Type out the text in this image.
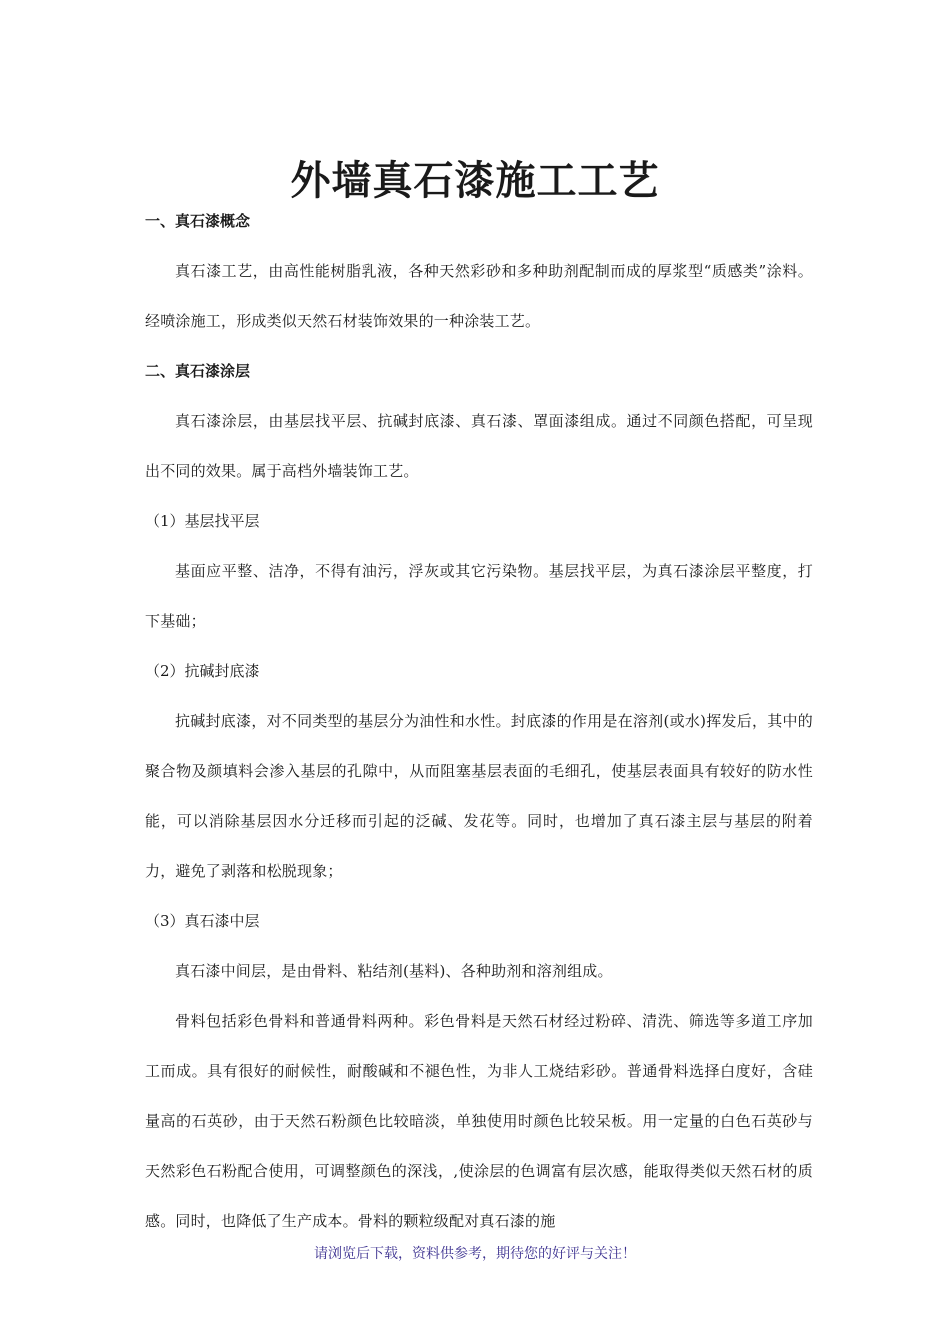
外墙真石漆施工工艺

一、真石漆概念

真石漆工艺，由高性能树脂乳液，各种天然彩砂和多种助剂配制而成的厚浆型“质感类”涂料。经喷涂施工，形成类似天然石材装饰效果的一种涂装工艺。

二、真石漆涂层

真石漆涂层，由基层找平层、抗碱封底漆、真石漆、罩面漆组成。通过不同颜色搭配，可呈现出不同的效果。属于高档外墙装饰工艺。

（1）基层找平层

基面应平整、洁净，不得有油污，浮灰或其它污染物。基层找平层，为真石漆涂层平整度，打下基础；

（2）抗碱封底漆

抗碱封底漆，对不同类型的基层分为油性和水性。封底漆的作用是在溶剂(或水)挥发后，其中的聚合物及颜填料会渗入基层的孔隙中，从而阻塞基层表面的毛细孔，使基层表面具有较好的防水性能，可以消除基层因水分迁移而引起的泛碱、发花等。同时，也增加了真石漆主层与基层的附着力，避免了剥落和松脱现象；

（3）真石漆中层

真石漆中间层，是由骨料、粘结剂(基料)、各种助剂和溶剂组成。

骨料包括彩色骨料和普通骨料两种。彩色骨料是天然石材经过粉碎、清洗、筛选等多道工序加工而成。具有很好的耐候性，耐酸碱和不褪色性，为非人工烧结彩砂。普通骨料选择白度好，含硅量高的石英砂，由于天然石粉颜色比较暗淡，单独使用时颜色比较呆板。用一定量的白色石英砂与天然彩色石粉配合使用，可调整颜色的深浅，,使涂层的色调富有层次感，能取得类似天然石材的质感。同时，也降低了生产成本。骨料的颗粒级配对真石漆的施

请浏览后下载，资料供参考，期待您的好评与关注！
